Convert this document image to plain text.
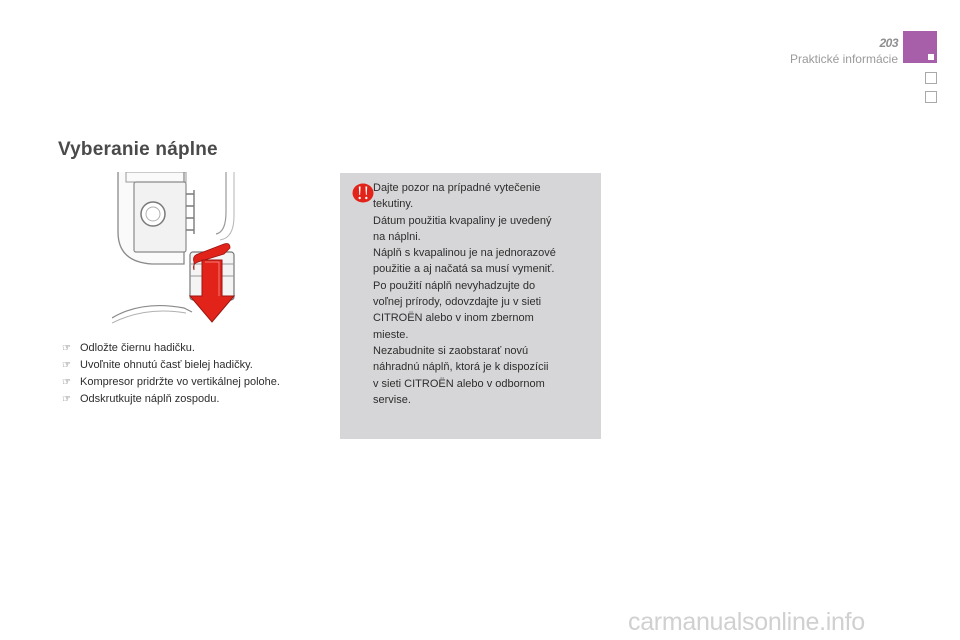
203
Praktické informácie
Vyberanie náplne
☞ Odložte čiernu hadičku.
☞ Uvoľnite ohnutú časť bielej hadičky.
☞ Kompresor pridržte vo vertikálnej polohe.
☞ Odskrutkujte náplň zospodu.
Dajte pozor na prípadné vytečenie
tekutiny.
Dátum použitia kvapaliny je uvedený
na náplni.
Náplň s kvapalinou je na jednorazové
použitie a aj načatá sa musí vymeniť.
Po použití náplň nevyhadzujte do
voľnej prírody, odovzdajte ju v sieti
CITROËN alebo v inom zbernom
mieste.
Nezabudnite si zaobstarať novú
náhradnú náplň, ktorá je k dispozícii
v sieti CITROËN alebo v odbornom
servise.
carmanualsonline.info
